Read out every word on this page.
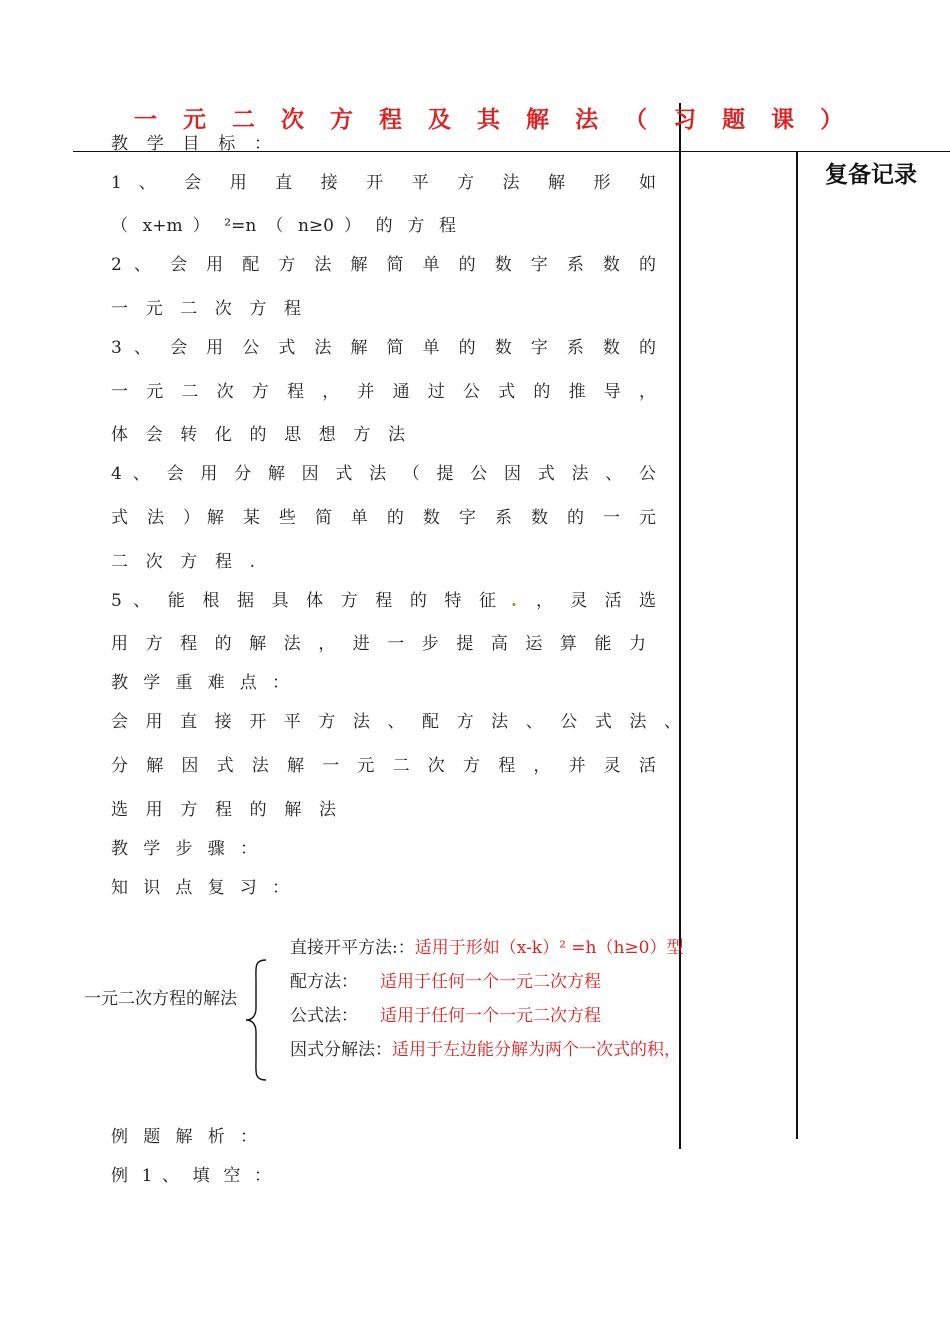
一 元 二 次 方 程 及 其 解 法 （ 习 题 课 ）
复备记录
教 学 目 标 ：
1 、 会 用 直 接 开 平 方 法 解 形 如
（ x+m ） ²=n （ n≥0 ） 的 方 程
2 、 会 用 配 方 法 解 简 单 的 数 字 系 数 的
一 元 二 次 方 程
3 、 会 用 公 式 法 解 简 单 的 数 字 系 数 的
一 元 二 次 方 程 ， 并 通 过 公 式 的 推 导 ，
体 会 转 化 的 思 想 方 法
4 、 会 用 分 解 因 式 法 （ 提 公 因 式 法 、 公
式 法 ）解 某 些 简 单 的 数 字 系 数 的 一 元
二 次 方 程 .
5 、 能 根 据 具 体 方 程 的 特 征 . ， 灵 活 选
用 方 程 的 解 法 ， 进 一 步 提 高 运 算 能 力
教 学 重 难 点 ：
会 用 直 接 开 平 方 法 、 配 方 法 、 公 式 法 、
分 解 因 式 法 解 一 元 二 次 方 程 ， 并 灵 活
选 用 方 程 的 解 法
教 学 步 骤 ：
知 识 点 复 习 ：
一元二次方程的解法
直接开平方法:：适用于形如（x-k）² =h（h≥0）型
配方法： 适用于任何一个一元二次方程
公式法： 适用于任何一个一元二次方程
因式分解法：适用于左边能分解为两个一次式的积，
例 题 解 析 ：
例 1 、 填 空 ：
